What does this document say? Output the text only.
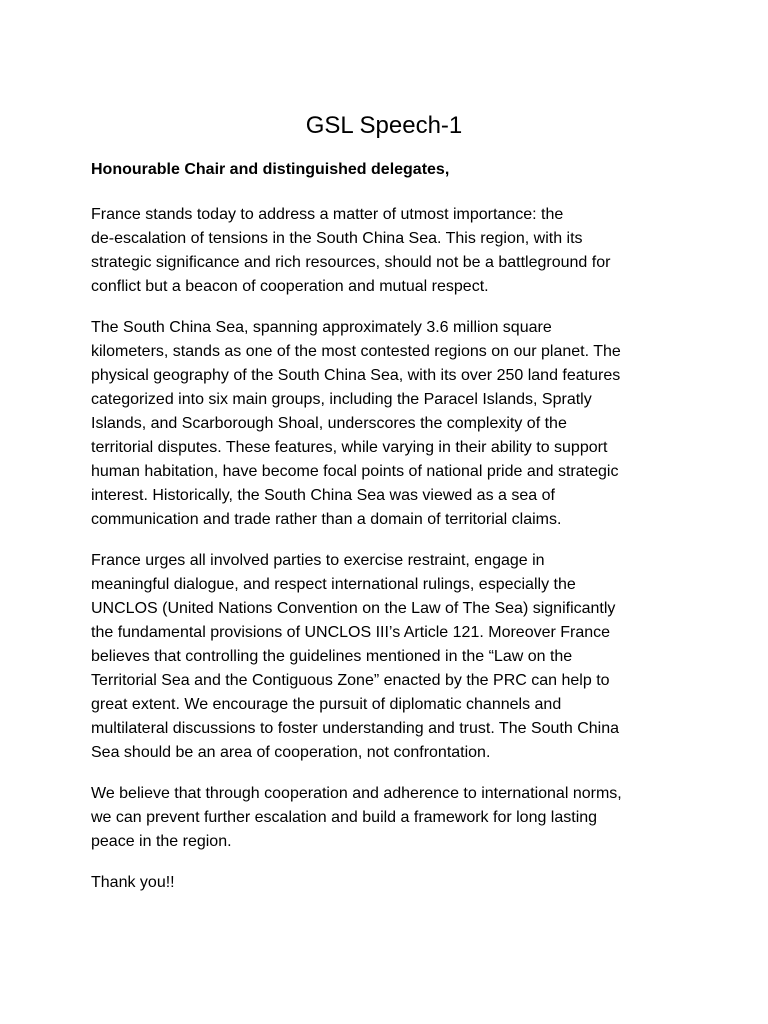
GSL Speech-1

Honourable Chair and distinguished delegates,

France stands today to address a matter of utmost importance: the
de-escalation of tensions in the South China Sea. This region, with its
strategic significance and rich resources, should not be a battleground for
conflict but a beacon of cooperation and mutual respect.

The South China Sea, spanning approximately 3.6 million square
kilometers, stands as one of the most contested regions on our planet. The
physical geography of the South China Sea, with its over 250 land features
categorized into six main groups, including the Paracel Islands, Spratly
Islands, and Scarborough Shoal, underscores the complexity of the
territorial disputes. These features, while varying in their ability to support
human habitation, have become focal points of national pride and strategic
interest. Historically, the South China Sea was viewed as a sea of
communication and trade rather than a domain of territorial claims.

France urges all involved parties to exercise restraint, engage in
meaningful dialogue, and respect international rulings, especially the
UNCLOS (United Nations Convention on the Law of The Sea) significantly
the fundamental provisions of UNCLOS III’s Article 121. Moreover France
believes that controlling the guidelines mentioned in the “Law on the
Territorial Sea and the Contiguous Zone” enacted by the PRC can help to
great extent. We encourage the pursuit of diplomatic channels and
multilateral discussions to foster understanding and trust. The South China
Sea should be an area of cooperation, not confrontation.

We believe that through cooperation and adherence to international norms,
we can prevent further escalation and build a framework for long lasting
peace in the region.

Thank you!!
